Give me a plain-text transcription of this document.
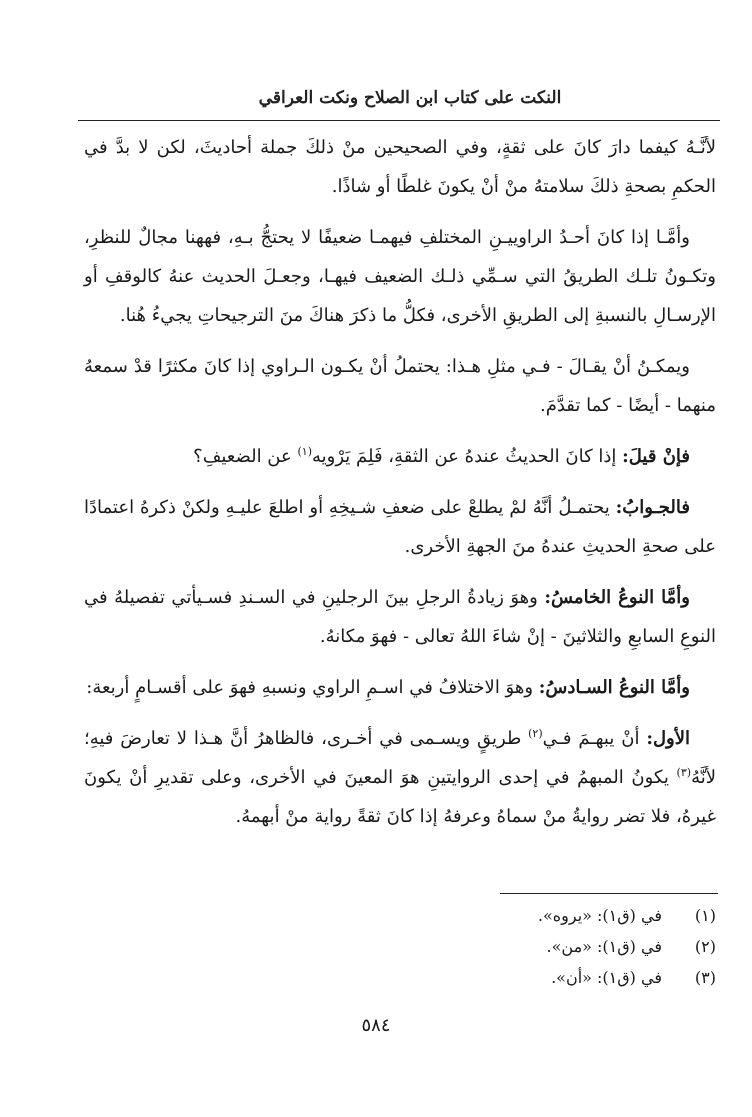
النكت على كتاب ابن الصلاح ونكت العراقي

لأنَّـهُ كيفما دارَ كانَ على ثقةٍ، وفي الصحيحين منْ ذلكَ جملة أحاديثَ، لكن لا بدَّ في الحكمِ بصحةِ ذلكَ سلامتهُ منْ أنْ يكونَ غلطًا أو شاذًا.

وأمَّـا إذا كانَ أحـدُ الراوييـنِ المختلفِ فيهمـا ضعيفًا لا يحتجُّ بـهِ، فههنا مجالٌ للنظرِ، وتكـونُ تلـك الطريقُ التي سـمِّي ذلـك الضعيف فيهـا، وجعـلَ الحديث عنهُ كالوقفِ أو الإرسـالِ بالنسبةِ إلى الطريقِ الأخرى، فكلُّ ما ذكرَ هناكَ منَ الترجيحاتِ يجيءُ هُنا.

ويمكـنُ أنْ يقـالَ - فـي مثلِ هـذا: يحتملُ أنْ يكـون الـراوي إذا كانَ مكثرًا قدْ سمعهُ منهما - أيضًا - كما تقدَّمَ.

فإنْ قيلَ: إذا كانَ الحديثُ عندهُ عن الثقةِ، فَلِمَ يَرْويه$^{(١)}$ عن الضعيفِ؟

فالجـوابُ: يحتمـلُ أنَّهُ لمْ يطلعْ على ضعفِ شـيخِهِ أو اطلعَ عليـهِ ولكنْ ذكرهُ اعتمادًا على صحةِ الحديثِ عندهُ منَ الجهةِ الأخرى.

وأمَّا النوعُ الخامسُ: وهوَ زيادةُ الرجلِ بينَ الرجلينِ في السـندِ فسـيأتي تفصيلهُ في النوعِ السابعِ والثلاثينَ - إنْ شاءَ اللهُ تعالى - فهوَ مكانهُ.

وأمَّا النوعُ السـادسُ: وهوَ الاختلافُ في اسـمِ الراوي ونسبهِ فهوَ على أقسـامٍ أربعة:

الأول: أنْ يبهـمَ فـي$^{(٢)}$ طريقٍ ويسـمى في أخـرى، فالظاهرُ أنَّ هـذا لا تعارضَ فيهِ؛ لأنَّهُ$^{(٣)}$ يكونُ المبهمُ في إحدى الروايتينِ هوَ المعينَ في الأخرى، وعلى تقديرِ أنْ يكونَ غيرهُ، فلا تضر روايةُ منْ سماهُ وعرفهُ إذا كانَ ثقةً رواية منْ أبهمهُ.

(١)في (ق١): «يروه».
(٢)في (ق١): «من».
(٣)في (ق١): «أن».
٥٨٤
